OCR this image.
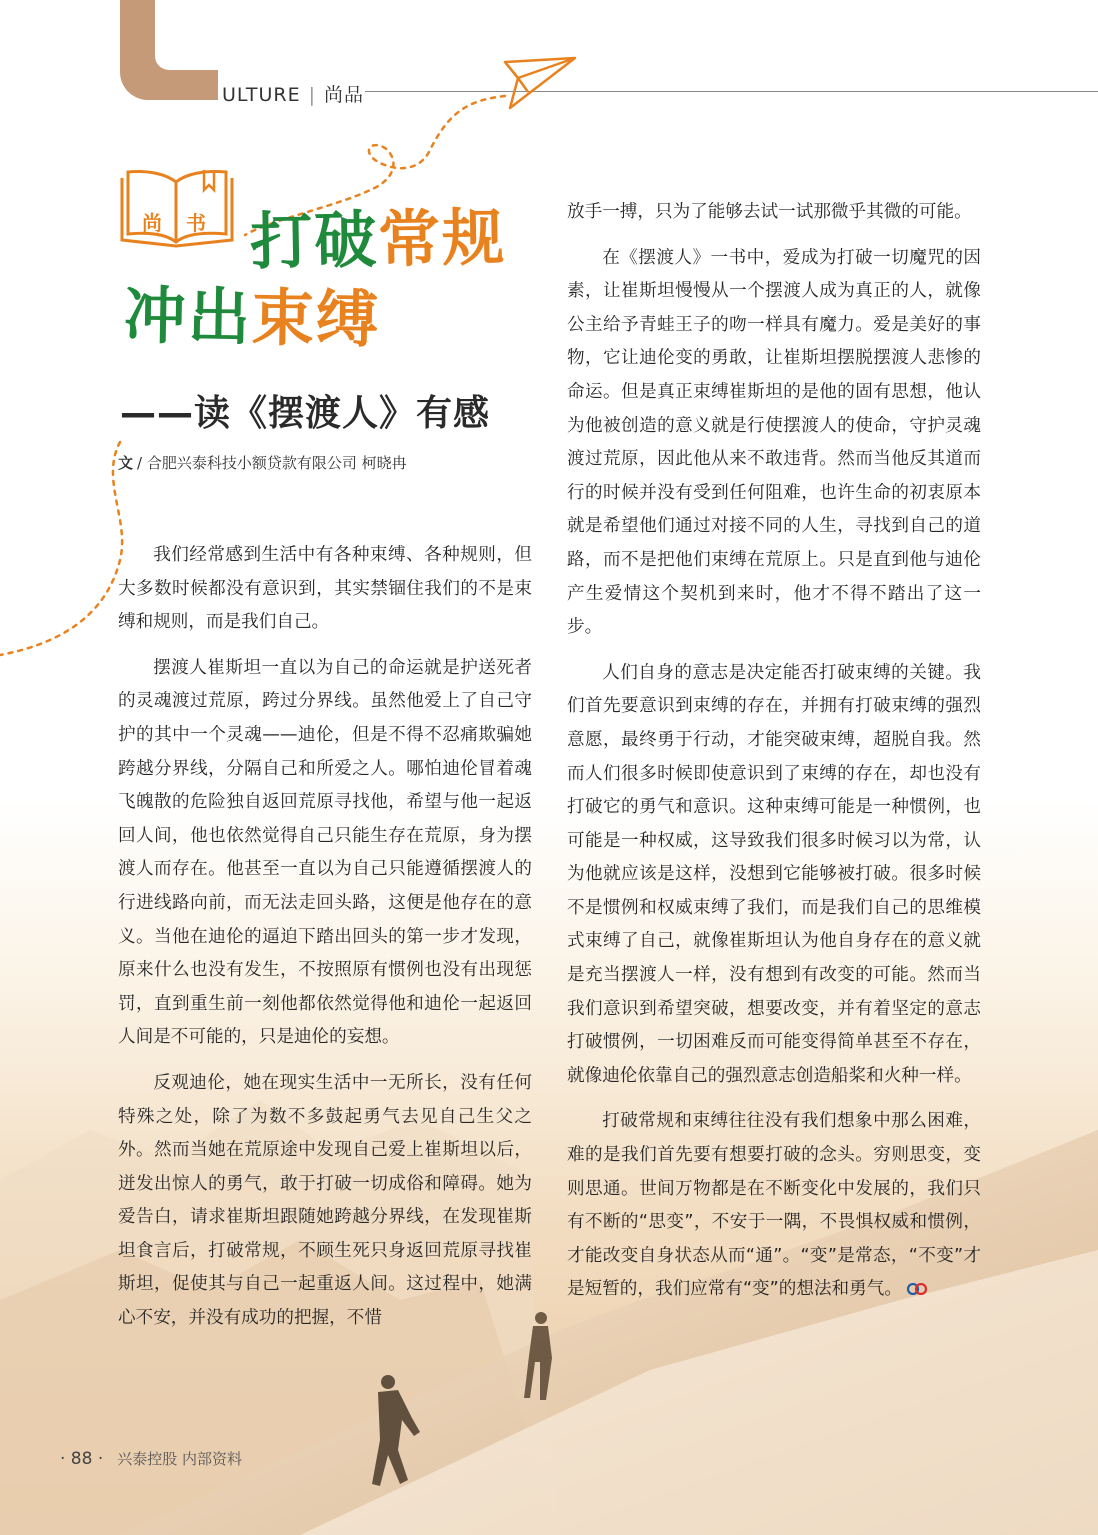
ULTURE | 尚品
尚 书 打破常规
冲出束缚
——读《摆渡人》有感
文 / 合肥兴泰科技小额贷款有限公司 柯晓冉

我们经常感到生活中有各种束缚、各种规则，但大多数时候都没有意识到，其实禁锢住我们的不是束缚和规则，而是我们自己。

摆渡人崔斯坦一直以为自己的命运就是护送死者的灵魂渡过荒原，跨过分界线。虽然他爱上了自己守护的其中一个灵魂——迪伦，但是不得不忍痛欺骗她跨越分界线，分隔自己和所爱之人。哪怕迪伦冒着魂飞魄散的危险独自返回荒原寻找他，希望与他一起返回人间，他也依然觉得自己只能生存在荒原，身为摆渡人而存在。他甚至一直以为自己只能遵循摆渡人的行进线路向前，而无法走回头路，这便是他存在的意义。当他在迪伦的逼迫下踏出回头的第一步才发现，原来什么也没有发生，不按照原有惯例也没有出现惩罚，直到重生前一刻他都依然觉得他和迪伦一起返回人间是不可能的，只是迪伦的妄想。

反观迪伦，她在现实生活中一无所长，没有任何特殊之处，除了为数不多鼓起勇气去见自己生父之外。然而当她在荒原途中发现自己爱上崔斯坦以后，迸发出惊人的勇气，敢于打破一切成俗和障碍。她为爱告白，请求崔斯坦跟随她跨越分界线，在发现崔斯坦食言后，打破常规，不顾生死只身返回荒原寻找崔斯坦，促使其与自己一起重返人间。这过程中，她满心不安，并没有成功的把握，不惜

放手一搏，只为了能够去试一试那微乎其微的可能。

在《摆渡人》一书中，爱成为打破一切魔咒的因素，让崔斯坦慢慢从一个摆渡人成为真正的人，就像公主给予青蛙王子的吻一样具有魔力。爱是美好的事物，它让迪伦变的勇敢，让崔斯坦摆脱摆渡人悲惨的命运。但是真正束缚崔斯坦的是他的固有思想，他认为他被创造的意义就是行使摆渡人的使命，守护灵魂渡过荒原，因此他从来不敢违背。然而当他反其道而行的时候并没有受到任何阻难，也许生命的初衷原本就是希望他们通过对接不同的人生，寻找到自己的道路，而不是把他们束缚在荒原上。只是直到他与迪伦产生爱情这个契机到来时，他才不得不踏出了这一步。

人们自身的意志是决定能否打破束缚的关键。我们首先要意识到束缚的存在，并拥有打破束缚的强烈意愿，最终勇于行动，才能突破束缚，超脱自我。然而人们很多时候即使意识到了束缚的存在，却也没有打破它的勇气和意识。这种束缚可能是一种惯例，也可能是一种权威，这导致我们很多时候习以为常，认为他就应该是这样，没想到它能够被打破。很多时候不是惯例和权威束缚了我们，而是我们自己的思维模式束缚了自己，就像崔斯坦认为他自身存在的意义就是充当摆渡人一样，没有想到有改变的可能。然而当我们意识到希望突破，想要改变，并有着坚定的意志打破惯例，一切困难反而可能变得简单甚至不存在，就像迪伦依靠自己的强烈意志创造船桨和火种一样。

打破常规和束缚往往没有我们想象中那么困难，难的是我们首先要有想要打破的念头。穷则思变，变则思通。世间万物都是在不断变化中发展的，我们只有不断的“思变”，不安于一隅，不畏惧权威和惯例，才能改变自身状态从而“通”。“变”是常态，“不变”才是短暂的，我们应常有“变”的想法和勇气。

· 88 · 兴泰控股 内部资料
